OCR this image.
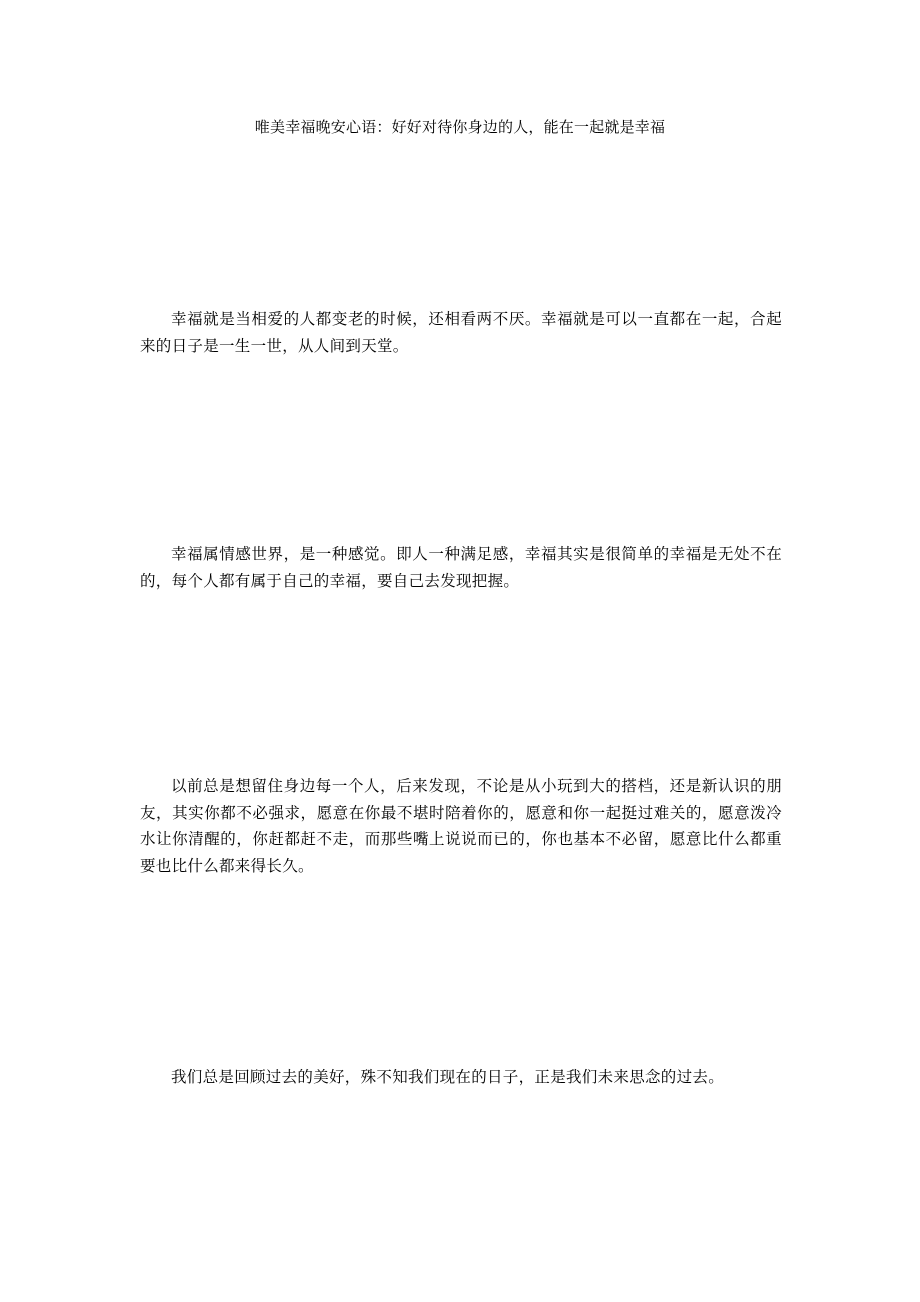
唯美幸福晚安心语：好好对待你身边的人，能在一起就是幸福

幸福就是当相爱的人都变老的时候，还相看两不厌。幸福就是可以一直都在一起，合起来的日子是一生一世，从人间到天堂。

幸福属情感世界，是一种感觉。即人一种满足感，幸福其实是很简单的幸福是无处不在的，每个人都有属于自己的幸福，要自己去发现把握。

以前总是想留住身边每一个人，后来发现，不论是从小玩到大的搭档，还是新认识的朋友，其实你都不必强求，愿意在你最不堪时陪着你的，愿意和你一起挺过难关的，愿意泼冷水让你清醒的，你赶都赶不走，而那些嘴上说说而已的，你也基本不必留，愿意比什么都重要也比什么都来得长久。

我们总是回顾过去的美好，殊不知我们现在的日子，正是我们未来思念的过去。
